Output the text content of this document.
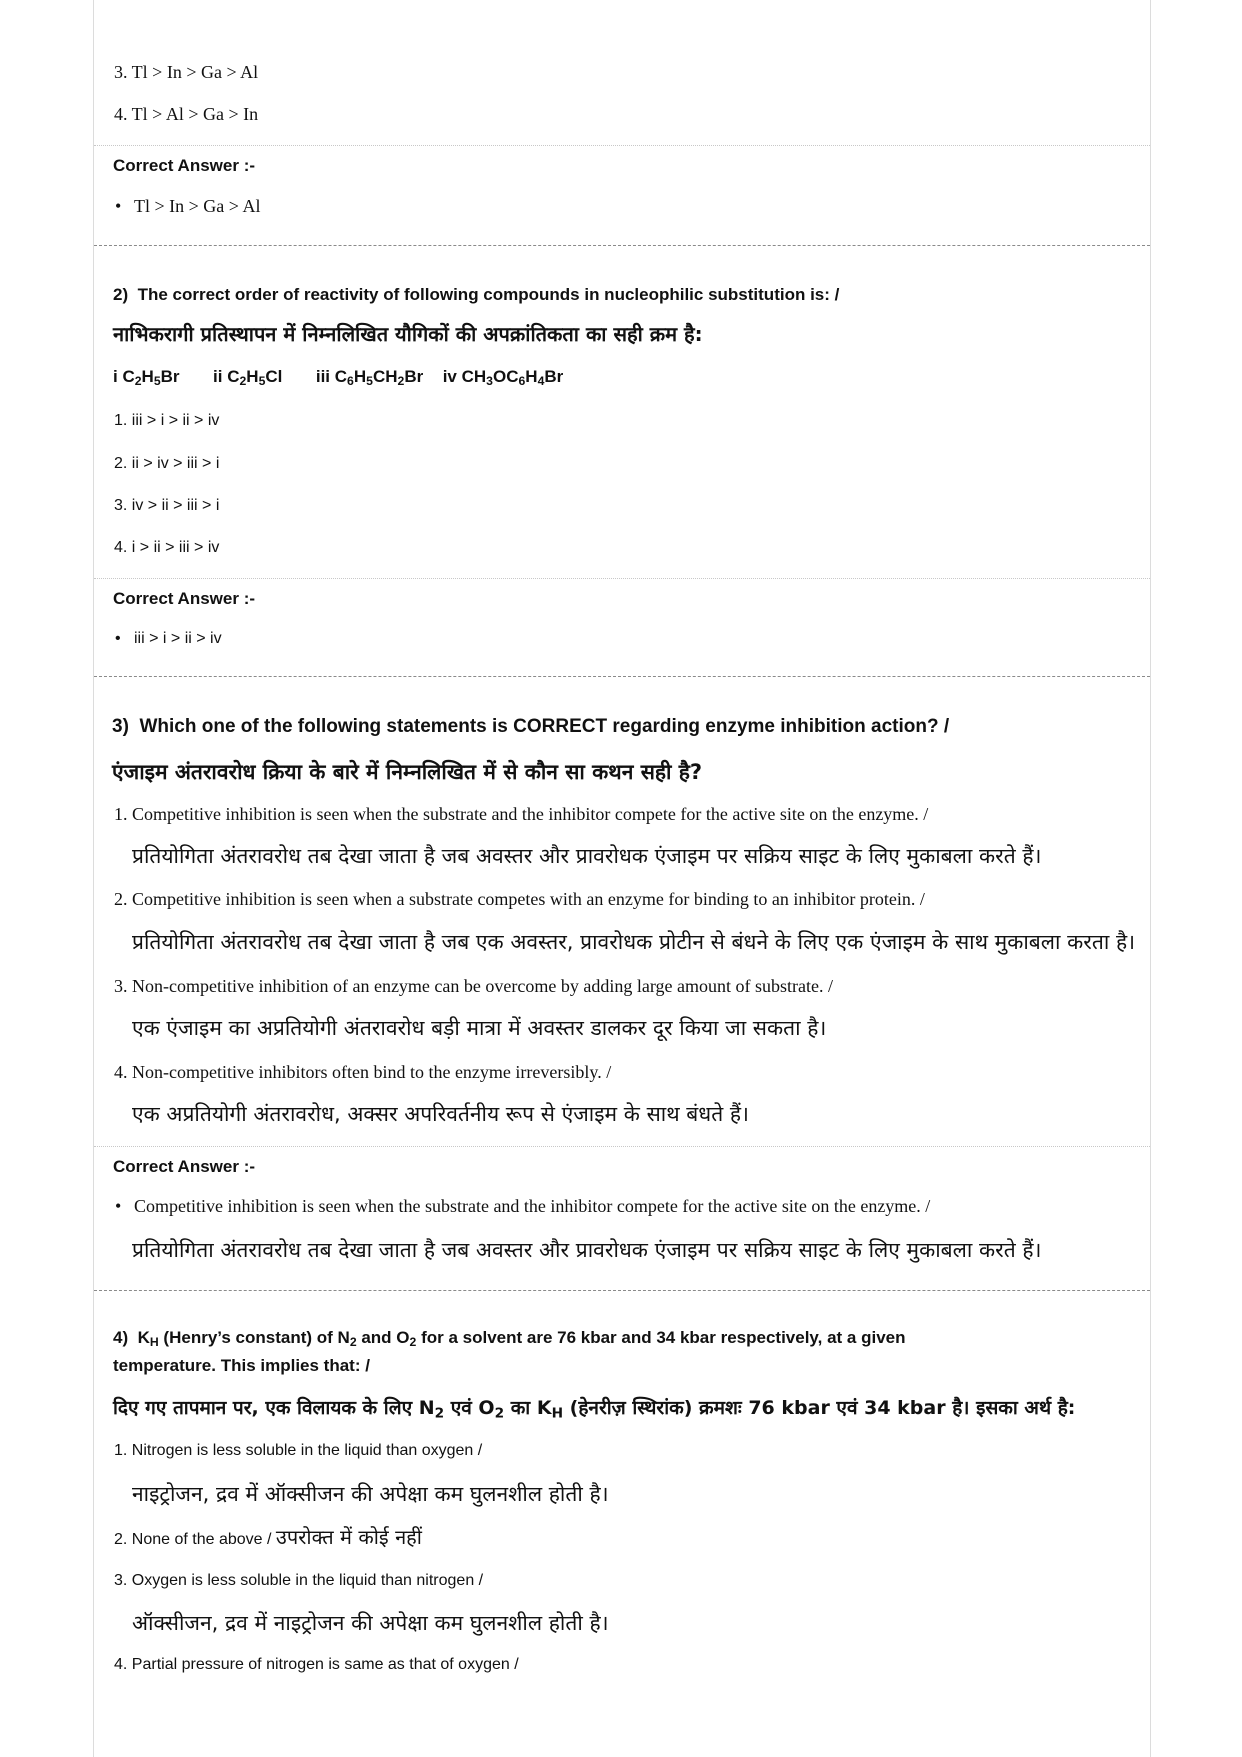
3. Tl > In > Ga > Al
4. Tl > Al > Ga > In
Correct Answer :-
• Tl > In > Ga > Al
2) The correct order of reactivity of following compounds in nucleophilic substitution is: /
नाभिकरागी प्रतिस्थापन में निम्नलिखित यौगिकों की अपक्रांतिकता का सही क्रम है:
i $C_2H_5Br$ ii $C_2H_5Cl$ iii $C_6H_5CH_2Br$ iv $CH_3OC_6H_4Br$
1. iii > i > ii > iv
2. ii > iv > iii > i
3. iv > ii > iii > i
4. i > ii > iii > iv
Correct Answer :-
• iii > i > ii > iv
3) Which one of the following statements is CORRECT regarding enzyme inhibition action? /
एंजाइम अंतरावरोध क्रिया के बारे में निम्नलिखित में से कौन सा कथन सही है?
1. Competitive inhibition is seen when the substrate and the inhibitor compete for the active site on the enzyme. /
प्रतियोगिता अंतरावरोध तब देखा जाता है जब अवस्तर और प्रावरोधक एंजाइम पर सक्रिय साइट के लिए मुकाबला करते हैं।
2. Competitive inhibition is seen when a substrate competes with an enzyme for binding to an inhibitor protein. /
प्रतियोगिता अंतरावरोध तब देखा जाता है जब एक अवस्तर, प्रावरोधक प्रोटीन से बंधने के लिए एक एंजाइम के साथ मुकाबला करता है।
3. Non-competitive inhibition of an enzyme can be overcome by adding large amount of substrate. /
एक एंजाइम का अप्रतियोगी अंतरावरोध बड़ी मात्रा में अवस्तर डालकर दूर किया जा सकता है।
4. Non-competitive inhibitors often bind to the enzyme irreversibly. /
एक अप्रतियोगी अंतरावरोध, अक्सर अपरिवर्तनीय रूप से एंजाइम के साथ बंधते हैं।
Correct Answer :-
• Competitive inhibition is seen when the substrate and the inhibitor compete for the active site on the enzyme. /
प्रतियोगिता अंतरावरोध तब देखा जाता है जब अवस्तर और प्रावरोधक एंजाइम पर सक्रिय साइट के लिए मुकाबला करते हैं।
4) $K_H$ (Henry’s constant) of $N_2$ and $O_2$ for a solvent are 76 kbar and 34 kbar respectively, at a given
temperature. This implies that: /
दिए गए तापमान पर, एक विलायक के लिए $N_2$ एवं $O_2$ का $K_H$ (हेनरीज़ स्थिरांक) क्रमशः 76 kbar एवं 34 kbar है। इसका अर्थ है:
1. Nitrogen is less soluble in the liquid than oxygen /
नाइट्रोजन, द्रव में ऑक्सीजन की अपेक्षा कम घुलनशील होती है।
2. None of the above / उपरोक्त में कोई नहीं
3. Oxygen is less soluble in the liquid than nitrogen /
ऑक्सीजन, द्रव में नाइट्रोजन की अपेक्षा कम घुलनशील होती है।
4. Partial pressure of nitrogen is same as that of oxygen /
